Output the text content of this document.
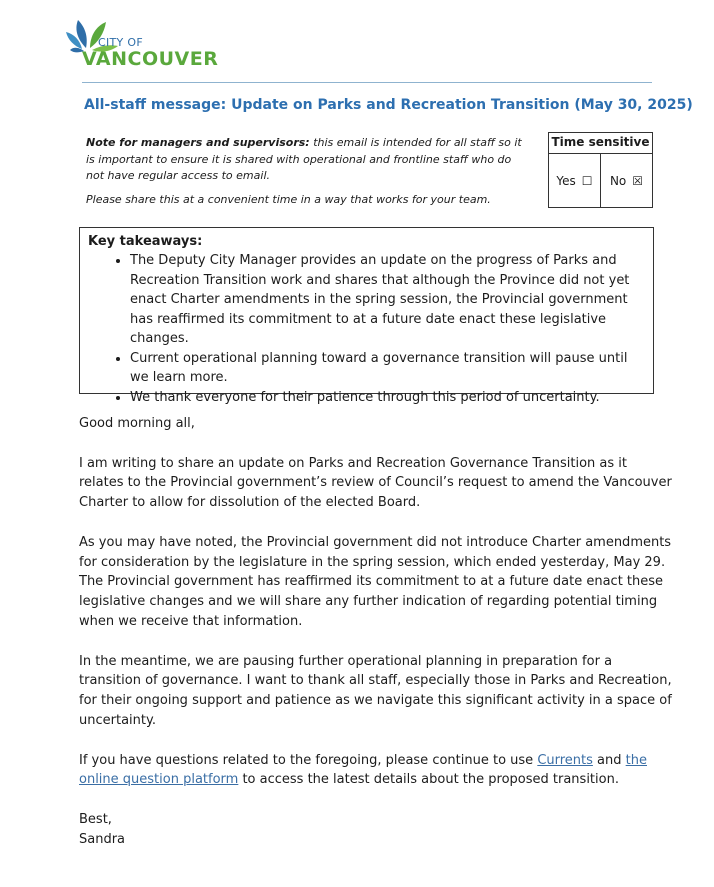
CITY OF
VANCOUVER
All-staff message: Update on Parks and Recreation Transition (May 30, 2025)

Note for managers and supervisors: this email is intended for all staff so it is important to ensure it is shared with operational and frontline staff who do not have regular access to email.

Please share this at a convenient time in a way that works for your team.

Time sensitive
Yes ☐ No ☒
Key takeaways:
• The Deputy City Manager provides an update on the progress of Parks and Recreation Transition work and shares that although the Province did not yet enact Charter amendments in the spring session, the Provincial government has reaffirmed its commitment to at a future date enact these legislative changes.
• Current operational planning toward a governance transition will pause until we learn more.
• We thank everyone for their patience through this period of uncertainty.

Good morning all,

I am writing to share an update on Parks and Recreation Governance Transition as it relates to the Provincial government’s review of Council’s request to amend the Vancouver Charter to allow for dissolution of the elected Board.

As you may have noted, the Provincial government did not introduce Charter amendments for consideration by the legislature in the spring session, which ended yesterday, May 29. The Provincial government has reaffirmed its commitment to at a future date enact these legislative changes and we will share any further indication of regarding potential timing when we receive that information.

In the meantime, we are pausing further operational planning in preparation for a transition of governance. I want to thank all staff, especially those in Parks and Recreation, for their ongoing support and patience as we navigate this significant activity in a space of uncertainty.

If you have questions related to the foregoing, please continue to use Currents and the online question platform to access the latest details about the proposed transition.

Best,
Sandra
